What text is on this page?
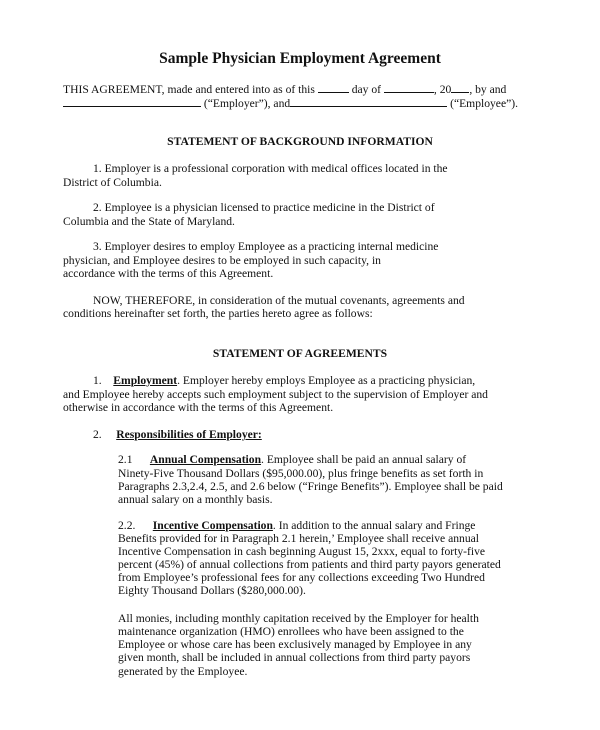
Sample Physician Employment Agreement
THIS AGREEMENT, made and entered into as of this	day of	, 20 , by and
(“Employer”), and	(“Employee”).
STATEMENT OF BACKGROUND INFORMATION
1. Employer is a professional corporation with medical offices located in the
District of Columbia.
2. Employee is a physician licensed to practice medicine in the District of
Columbia and the State of Maryland.
3. Employer desires to employ Employee as a practicing internal medicine
physician, and Employee desires to be employed in such capacity, in
accordance with the terms of this Agreement.
NOW, THEREFORE, in consideration of the mutual covenants, agreements and
conditions hereinafter set forth, the parties hereto agree as follows:
STATEMENT OF AGREEMENTS
1. Employment. Employer hereby employs Employee as a practicing physician,
and Employee hereby accepts such employment subject to the supervision of Employer and
otherwise in accordance with the terms of this Agreement.
2. Responsibilities of Employer:
2.1 Annual Compensation. Employee shall be paid an annual salary of
Ninety-Five Thousand Dollars ($95,000.00), plus fringe benefits as set forth in
Paragraphs 2.3,2.4, 2.5, and 2.6 below (“Fringe Benefits”). Employee shall be paid
annual salary on a monthly basis.
2.2. Incentive Compensation. In addition to the annual salary and Fringe
Benefits provided for in Paragraph 2.1 herein,’ Employee shall receive annual
Incentive Compensation in cash beginning August 15, 2xxx, equal to forty-five
percent (45%) of annual collections from patients and third party payors generated
from Employee’s professional fees for any collections exceeding Two Hundred
Eighty Thousand Dollars ($280,000.00).
All monies, including monthly capitation received by the Employer for health
maintenance organization (HMO) enrollees who have been assigned to the
Employee or whose care has been exclusively managed by Employee in any
given month, shall be included in annual collections from third party payors
generated by the Employee.
